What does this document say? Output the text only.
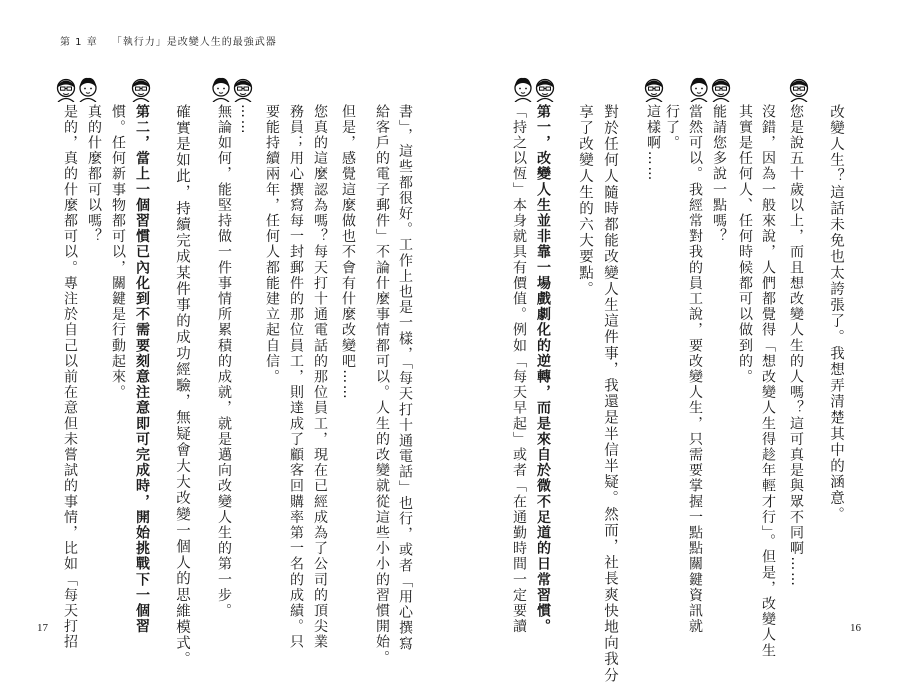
第 1 章 「執行力」是改變人生的最強武器
17	16
改變人生？這話未免也太誇張了。我想弄清楚其中的涵意。
您是說五十歲以上，而且想改變人生的人嗎？這可真是與眾不同啊……
沒錯，因為一般來說，人們都覺得「想改變人生得趁年輕才行」。但是，改變人生
其實是任何人、任何時候都可以做到的。
能請您多說一點嗎？
當然可以。我經常對我的員工說，要改變人生，只需要掌握一點點關鍵資訊就
行了。
這樣啊……
對於任何人隨時都能改變人生這件事，我還是半信半疑。然而，社長爽快地向我分
享了改變人生的六大要點。
第一，改變人生並非靠一場戲劇化的逆轉，而是來自於微不足道的日常習慣。
「持之以恆」本身就具有價值。例如「每天早起」或者「在通勤時間一定要讀
書」，這些都很好。工作上也是一樣，「每天打十通電話」也行，或者「用心撰寫
給客戶的電子郵件」不論什麼事情都可以。人生的改變就從這些小小的習慣開始。
但是，感覺這麼做也不會有什麼改變吧……
您真的這麼認為嗎？每天打十通電話的那位員工，現在已經成為了公司的頂尖業
務員；用心撰寫每一封郵件的那位員工，則達成了顧客回購率第一名的成績。只
要能持續兩年，任何人都能建立起自信。
……
無論如何，能堅持做一件事情所累積的成就，就是邁向改變人生的第一步。
確實是如此，持續完成某件事的成功經驗，無疑會大大改變一個人的思維模式。
第二，當上一個習慣已內化到不需要刻意注意即可完成時，開始挑戰下一個習
慣。任何新事物都可以，關鍵是行動起來。
真的什麼都可以嗎？
是的，真的什麼都可以。專注於自己以前在意但未嘗試的事情，比如「每天打招
